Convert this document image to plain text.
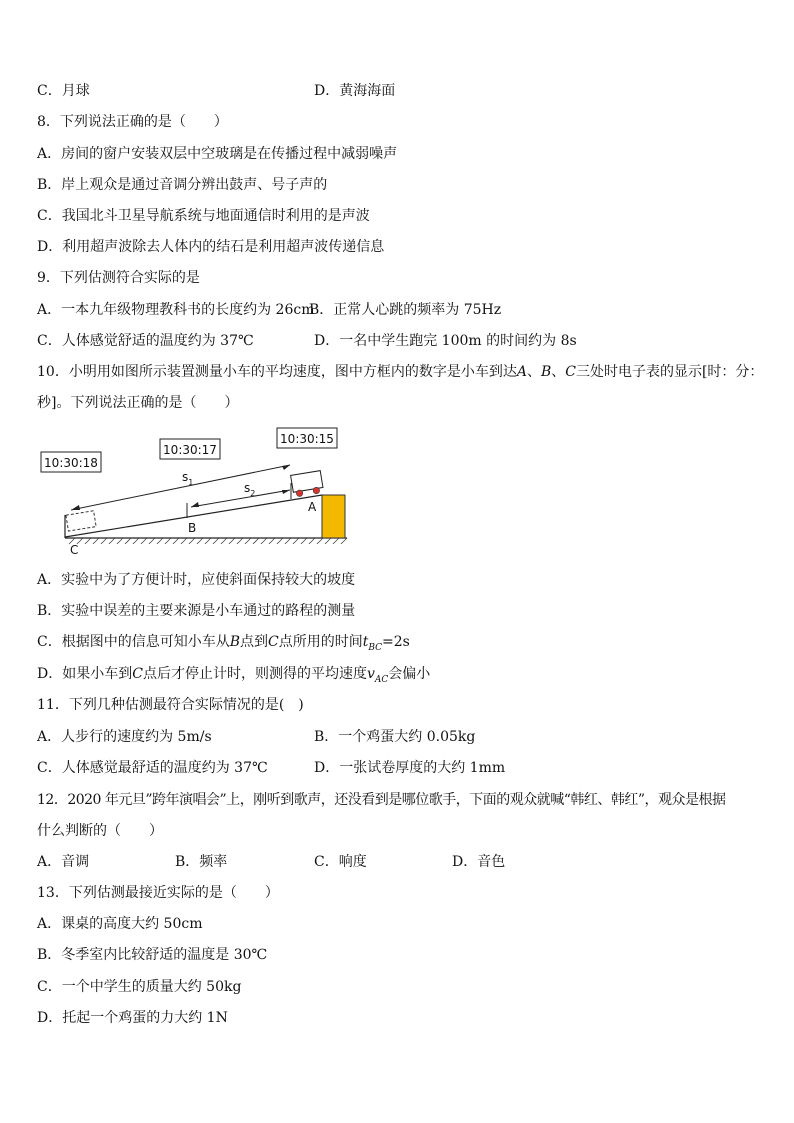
C．月球	D．黄海海面
8．下列说法正确的是（　　）
A．房间的窗户安装双层中空玻璃是在传播过程中减弱噪声
B．岸上观众是通过音调分辨出鼓声、号子声的
C．我国北斗卫星导航系统与地面通信时利用的是声波
D．利用超声波除去人体内的结石是利用超声波传递信息
9．下列估测符合实际的是
A．一本九年级物理教科书的长度约为 26cm
B．正常人心跳的频率为 75Hz
C．人体感觉舒适的温度约为 37℃	D．一名中学生跑完 100m 的时间约为 8s
10．小明用如图所示装置测量小车的平均速度，图中方框内的数字是小车到达A、B、C三处时电子表的显示[时：分：
秒]。下列说法正确的是（　　）
10:30:18
10:30:17
10:30:15
$s_1$	$s_2$
A
B
C
A．实验中为了方便计时，应使斜面保持较大的坡度
B．实验中误差的主要来源是小车通过的路程的测量
C．根据图中的信息可知小车从B点到C点所用的时间$t_{BC}=2s$
D．如果小车到C点后才停止计时，则测得的平均速度$v_{AC}$会偏小
11．下列几种估测最符合实际情况的是(　)
A．人步行的速度约为 5m/s	B．一个鸡蛋大约 0.05kg
C．人体感觉最舒适的温度约为 37℃	D．一张试卷厚度的大约 1mm
12．2020 年元旦”跨年演唱会”上，刚听到歌声，还没看到是哪位歌手，下面的观众就喊“韩红、韩红”，观众是根据
什么判断的（　　）
A．音调	B．频率	C．响度	D．音色
13．下列估测最接近实际的是（　　）
A．课桌的高度大约 50cm
B．冬季室内比较舒适的温度是 30℃
C．一个中学生的质量大约 50kg
D．托起一个鸡蛋的力大约 1N
